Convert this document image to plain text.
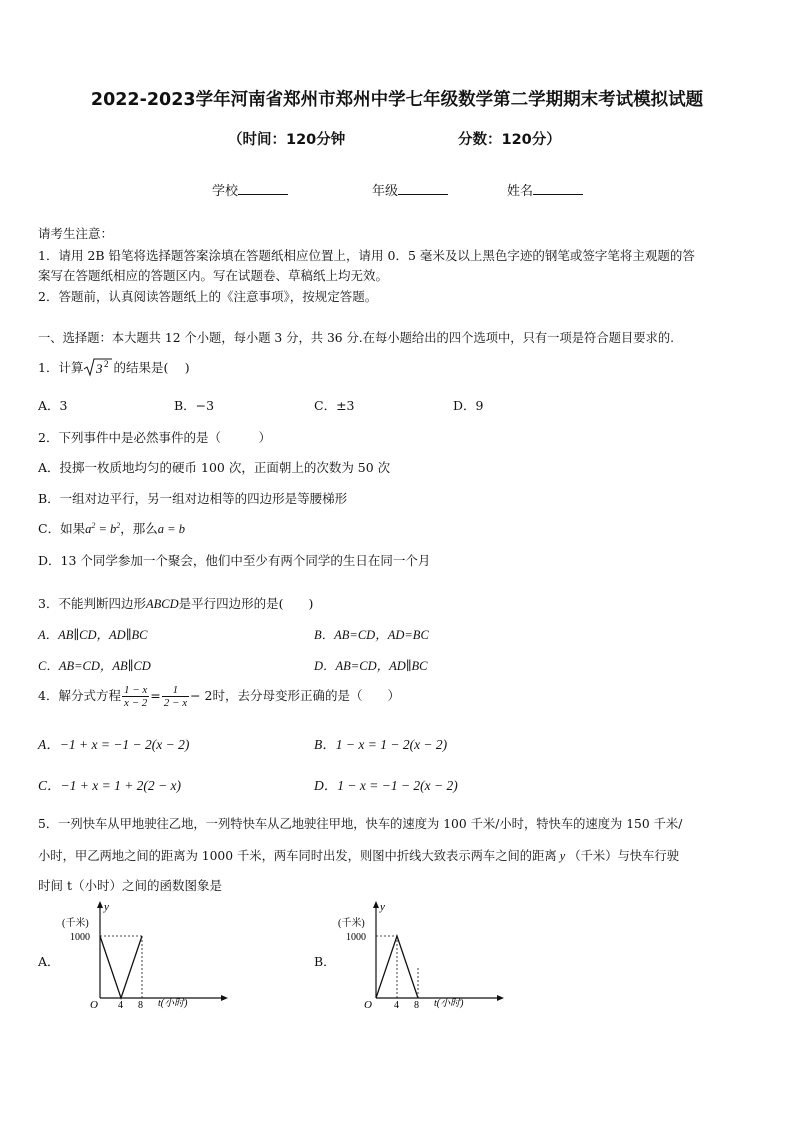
2022-2023学年河南省郑州市郑州中学七年级数学第二学期期末考试模拟试题
（时间：120分钟	分数：120分）
学校	年级	姓名
请考生注意：
1．请用 2B 铅笔将选择题答案涂填在答题纸相应位置上，请用 0．5 毫米及以上黑色字迹的钢笔或签字笔将主观题的答
案写在答题纸相应的答题区内。写在试题卷、草稿纸上均无效。
2．答题前，认真阅读答题纸上的《注意事项》，按规定答题。
一、选择题：本大题共 12 个小题，每小题 3 分，共 36 分.在每小题给出的四个选项中，只有一项是符合题目要求的.
1．计算 3 2 的结果是(　 )
A．3	B．−3	C．±3	D．9
2．下列事件中是必然事件的是（　　　）
A．投掷一枚质地均匀的硬币 100 次，正面朝上的次数为 50 次
B．一组对边平行，另一组对边相等的四边形是等腰梯形
C．如果$a^2 = b^2$，那么a = b
D．13 个同学参加一个聚会，他们中至少有两个同学的生日在同一个月
3．不能判断四边形ABCD是平行四边形的是(　　)
A．AB∥CD，AD∥BC	B．AB=CD，AD=BC
C．AB=CD，AB∥CD	D．AB=CD，AD∥BC
4．解分式方程 $\frac{1 - x}{x - 2} = \frac{1}{2 - x} - 2$时，去分母变形正确的是（　　）
A．−1 + x = −1 − 2(x − 2)	B．1 − x = 1 − 2(x − 2)
C．−1 + x = 1 + 2(2 − x)	D．1 − x = −1 − 2(x − 2)
5．一列快车从甲地驶往乙地，一列特快车从乙地驶往甲地，快车的速度为 100 千米/小时，特快车的速度为 150 千米/
小时，甲乙两地之间的距离为 1000 千米，两车同时出发，则图中折线大致表示两车之间的距离 y （千米）与快车行驶
时间 t（小时）之间的函数图象是
A．	B．
y
(千米)
1000
O 4 8 t(小时)
y
(千米)
1000
O 4 8 t(小时)
